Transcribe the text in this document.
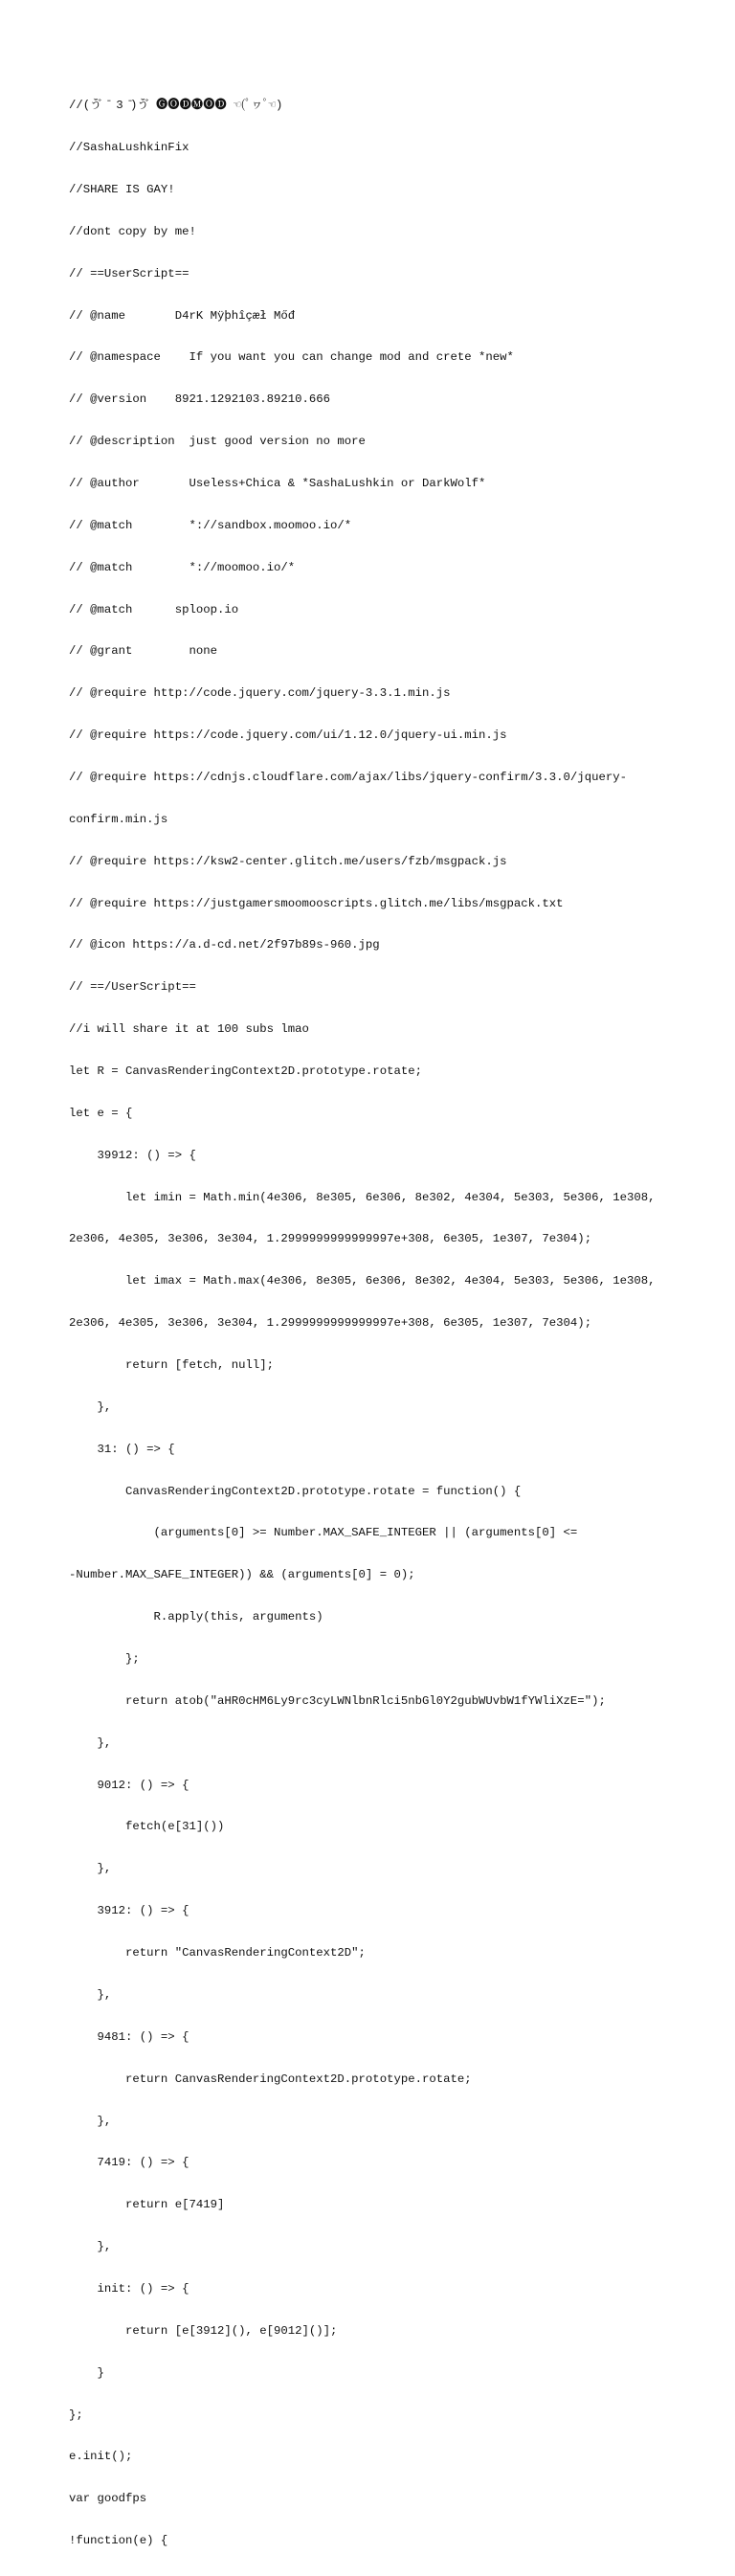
//(ゔ ̄ 3 ̄)ゔ 🅖🅞🅓🅜🅞🅓 ☜(ﾟヮﾟ☜)

//SashaLushkinFix

//SHARE IS GAY!

//dont copy by me!

// ==UserScript==

// @name       D4rK Mÿþhîçæł Mőđ

// @namespace    If you want you can change mod and crete *new*

// @version    8921.1292103.89210.666

// @description  just good version no more

// @author       Useless+Chica & *SashaLushkin or DarkWolf*

// @match        *://sandbox.moomoo.io/*

// @match        *://moomoo.io/*

// @match      sploop.io

// @grant        none

// @require http://code.jquery.com/jquery-3.3.1.min.js

// @require https://code.jquery.com/ui/1.12.0/jquery-ui.min.js

// @require https://cdnjs.cloudflare.com/ajax/libs/jquery-confirm/3.3.0/jquery-

confirm.min.js

// @require https://ksw2-center.glitch.me/users/fzb/msgpack.js

// @require https://justgamersmoomooscripts.glitch.me/libs/msgpack.txt

// @icon https://a.d-cd.net/2f97b89s-960.jpg

// ==/UserScript==

//i will share it at 100 subs lmao

let R = CanvasRenderingContext2D.prototype.rotate;

let e = {

39912: () => {

let imin = Math.min(4e306, 8e305, 6e306, 8e302, 4e304, 5e303, 5e306, 1e308,

2e306, 4e305, 3e306, 3e304, 1.2999999999999997e+308, 6e305, 1e307, 7e304);

let imax = Math.max(4e306, 8e305, 6e306, 8e302, 4e304, 5e303, 5e306, 1e308,

2e306, 4e305, 3e306, 3e304, 1.2999999999999997e+308, 6e305, 1e307, 7e304);

return [fetch, null];

},

31: () => {

CanvasRenderingContext2D.prototype.rotate = function() {

(arguments[0] >= Number.MAX_SAFE_INTEGER || (arguments[0] <=

-Number.MAX_SAFE_INTEGER)) && (arguments[0] = 0);

R.apply(this, arguments)

};

return atob("aHR0cHM6Ly9rc3cyLWNlbnRlci5nbGl0Y2gubWUvbW1fYWliXzE=");

},

9012: () => {

fetch(e[31]())

},

3912: () => {

return "CanvasRenderingContext2D";

},

9481: () => {

return CanvasRenderingContext2D.prototype.rotate;

},

7419: () => {

return e[7419]

},

init: () => {

return [e[3912](), e[9012]()];

}

};

e.init();

var goodfps

!function(e) {
